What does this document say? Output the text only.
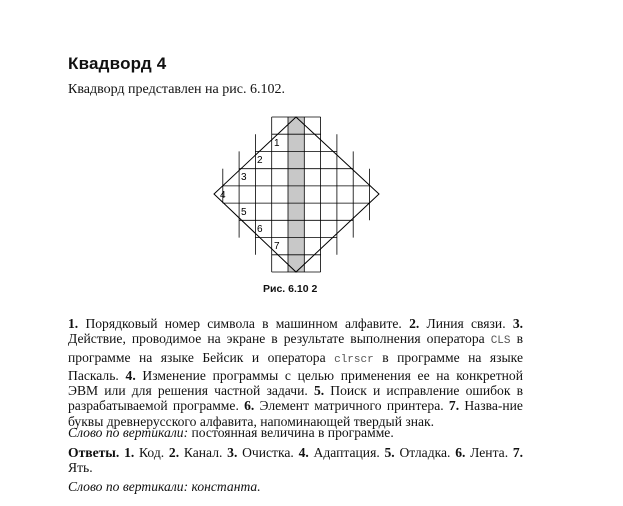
Квадворд 4
Квадворд представлен на рис. 6.102.
1
2
3
4
5
6
7
Рис. 6.10 2
1. Порядковый номер символа в машинном алфавите. 2. Линия связи. 3. Действие, проводимое на экране в результате выполнения оператора CLS в программе на языке Бейсик и оператора clrscr в программе на языке Паскаль. 4. Изменение программы с целью применения ее на конкретной ЭВМ или для решения частной задачи. 5. Поиск и исправление ошибок в разрабатываемой программе. 6. Элемент матричного принтера. 7. Назва-ние буквы древнерусского алфавита, напоминающей твердый знак.
Слово по вертикали: постоянная величина в программе.
Ответы. 1. Код. 2. Канал. 3. Очистка. 4. Адаптация. 5. Отладка. 6. Лента. 7. Ять.
Слово по вертикали: константа.
